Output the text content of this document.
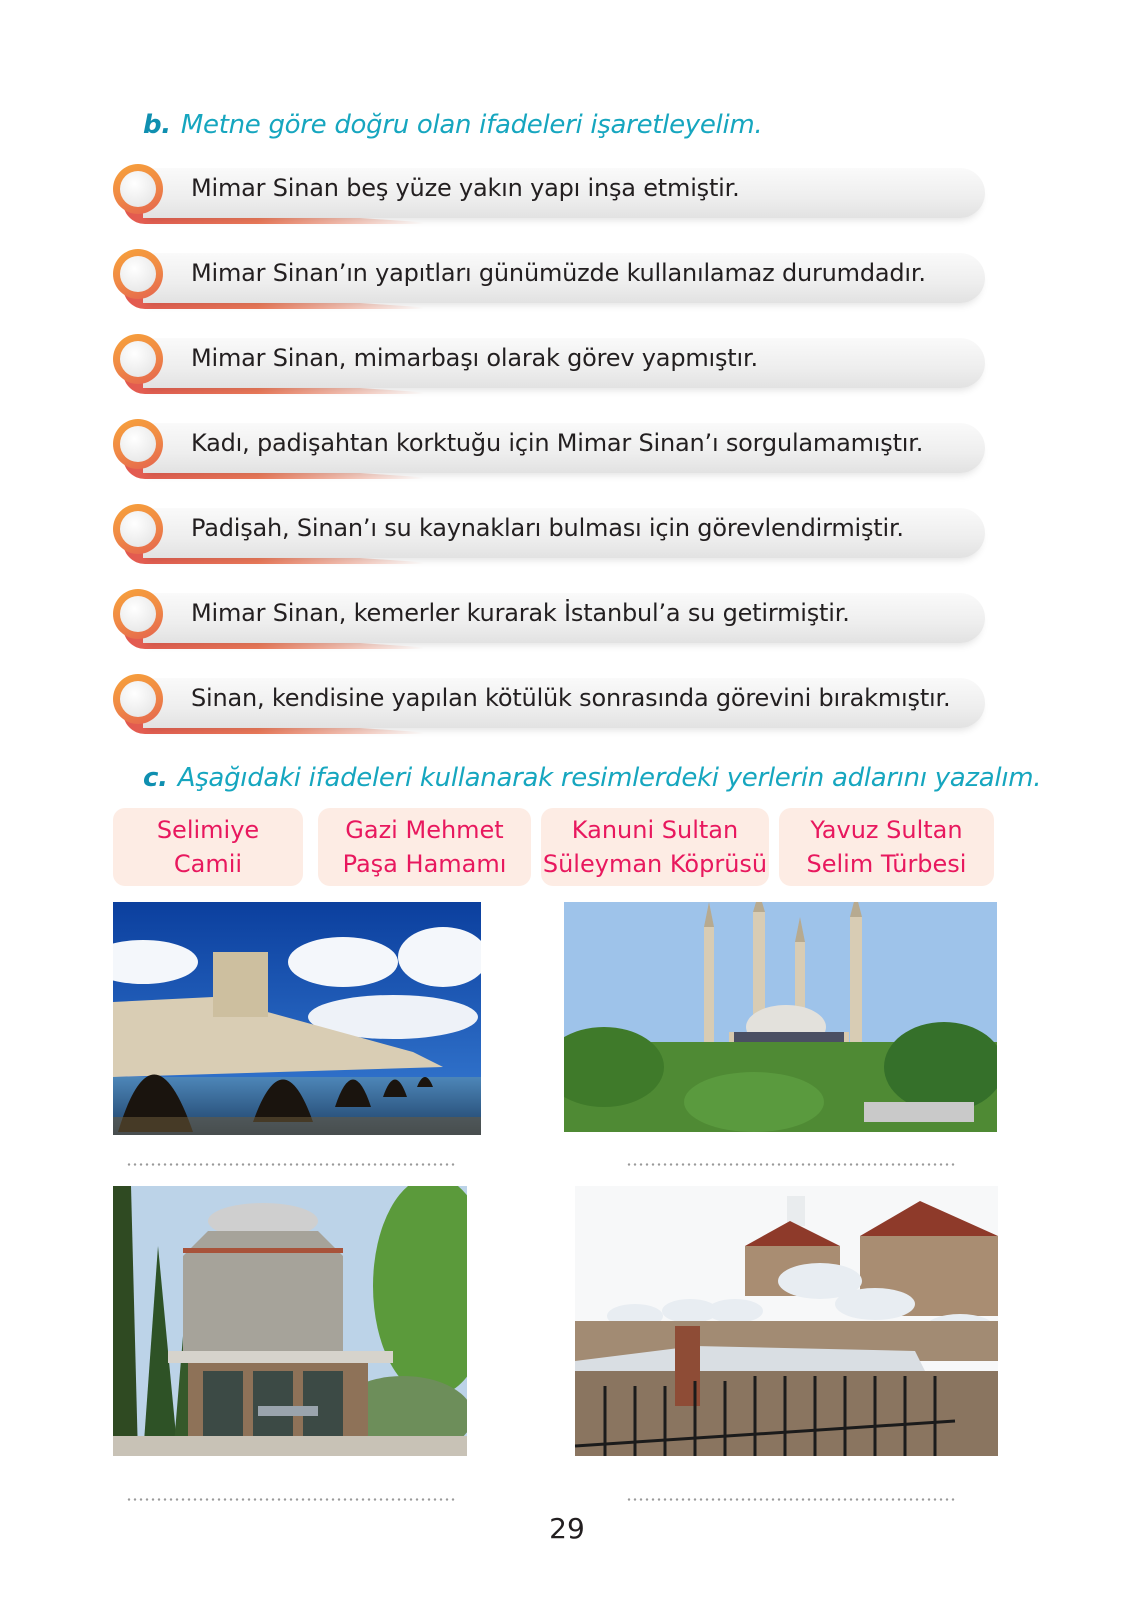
b. Metne göre doğru olan ifadeleri işaretleyelim.
Mimar Sinan beş yüze yakın yapı inşa etmiştir.
Mimar Sinan’ın yapıtları günümüzde kullanılamaz durumdadır.
Mimar Sinan, mimarbaşı olarak görev yapmıştır.
Kadı, padişahtan korktuğu için Mimar Sinan’ı sorgulamamıştır.
Padişah, Sinan’ı su kaynakları bulması için görevlendirmiştir.
Mimar Sinan, kemerler kurarak İstanbul’a su getirmiştir.
Sinan, kendisine yapılan kötülük sonrasında görevini bırakmıştır.
c. Aşağıdaki ifadeleri kullanarak resimlerdeki yerlerin adlarını yazalım.
Selimiye
Camii
Gazi Mehmet
Paşa Hamamı
Kanuni Sultan
Süleyman Köprüsü
Yavuz Sultan
Selim Türbesi
29
